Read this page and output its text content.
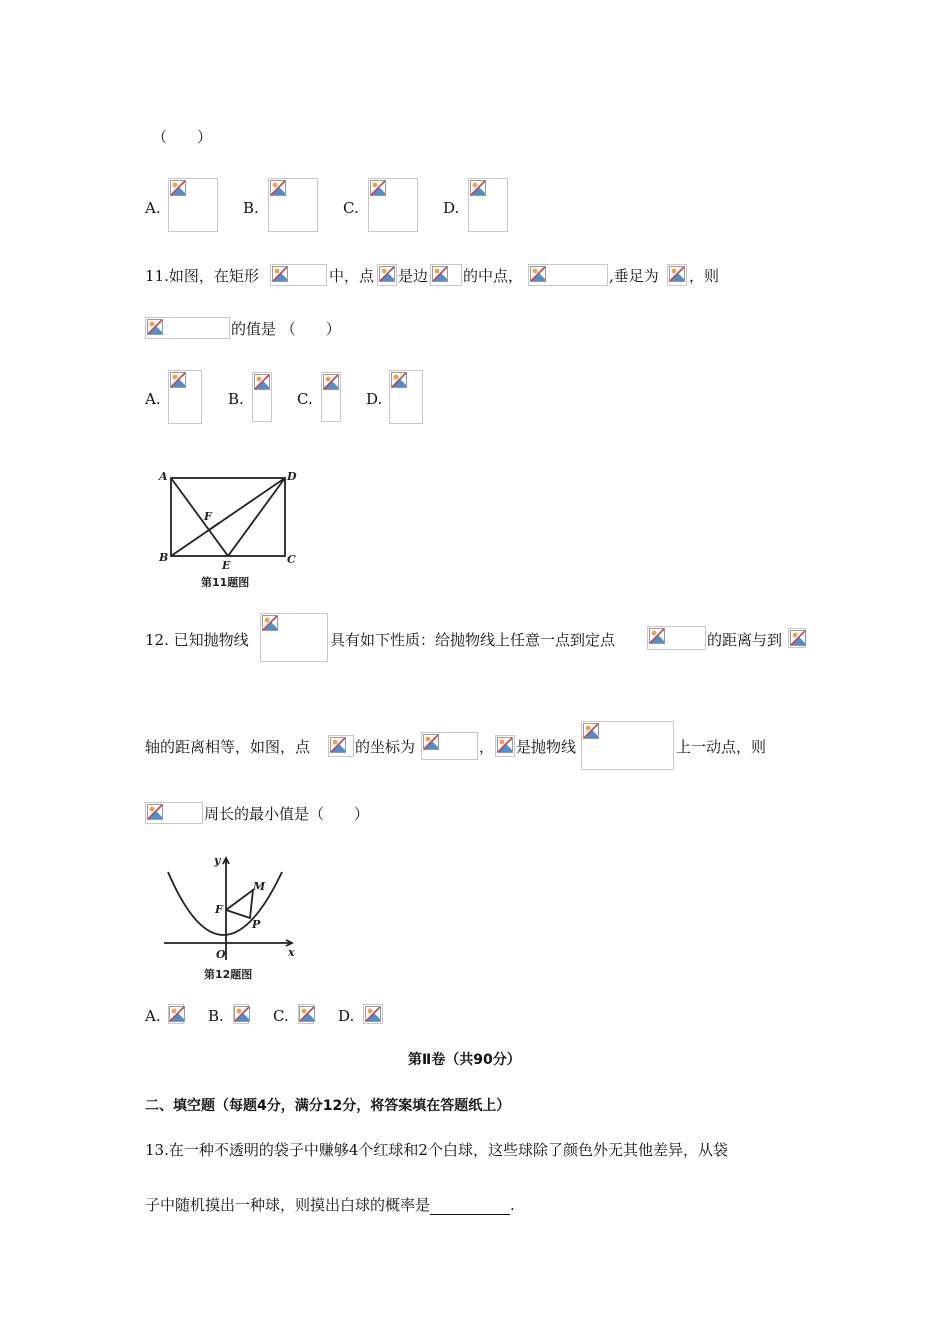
（　　）
A.	B.	C.	D.
11.如图，在矩形	中，点 是边 的中点，	,垂足为 ，则
的值是 （　　）
A.	B.	C.	D.
A	D
F
B
E	C
第11题图
12. 已知抛物线	具有如下性质：给抛物线上任意一点到定点	的距离与到
轴的距离相等，如图，点	的坐标为	， 是抛物线	上一动点，则
周长的最小值是（　　）
y
M
F
P
O	x
第12题图
A.	B.	C.	D.
第Ⅱ卷（共90分）
二、填空题（每题4分，满分12分，将答案填在答题纸上）
13.在一种不透明的袋子中赚够4个红球和2个白球，这些球除了颜色外无其他差异，从袋
子中随机摸出一种球，则摸出白球的概率是	.
